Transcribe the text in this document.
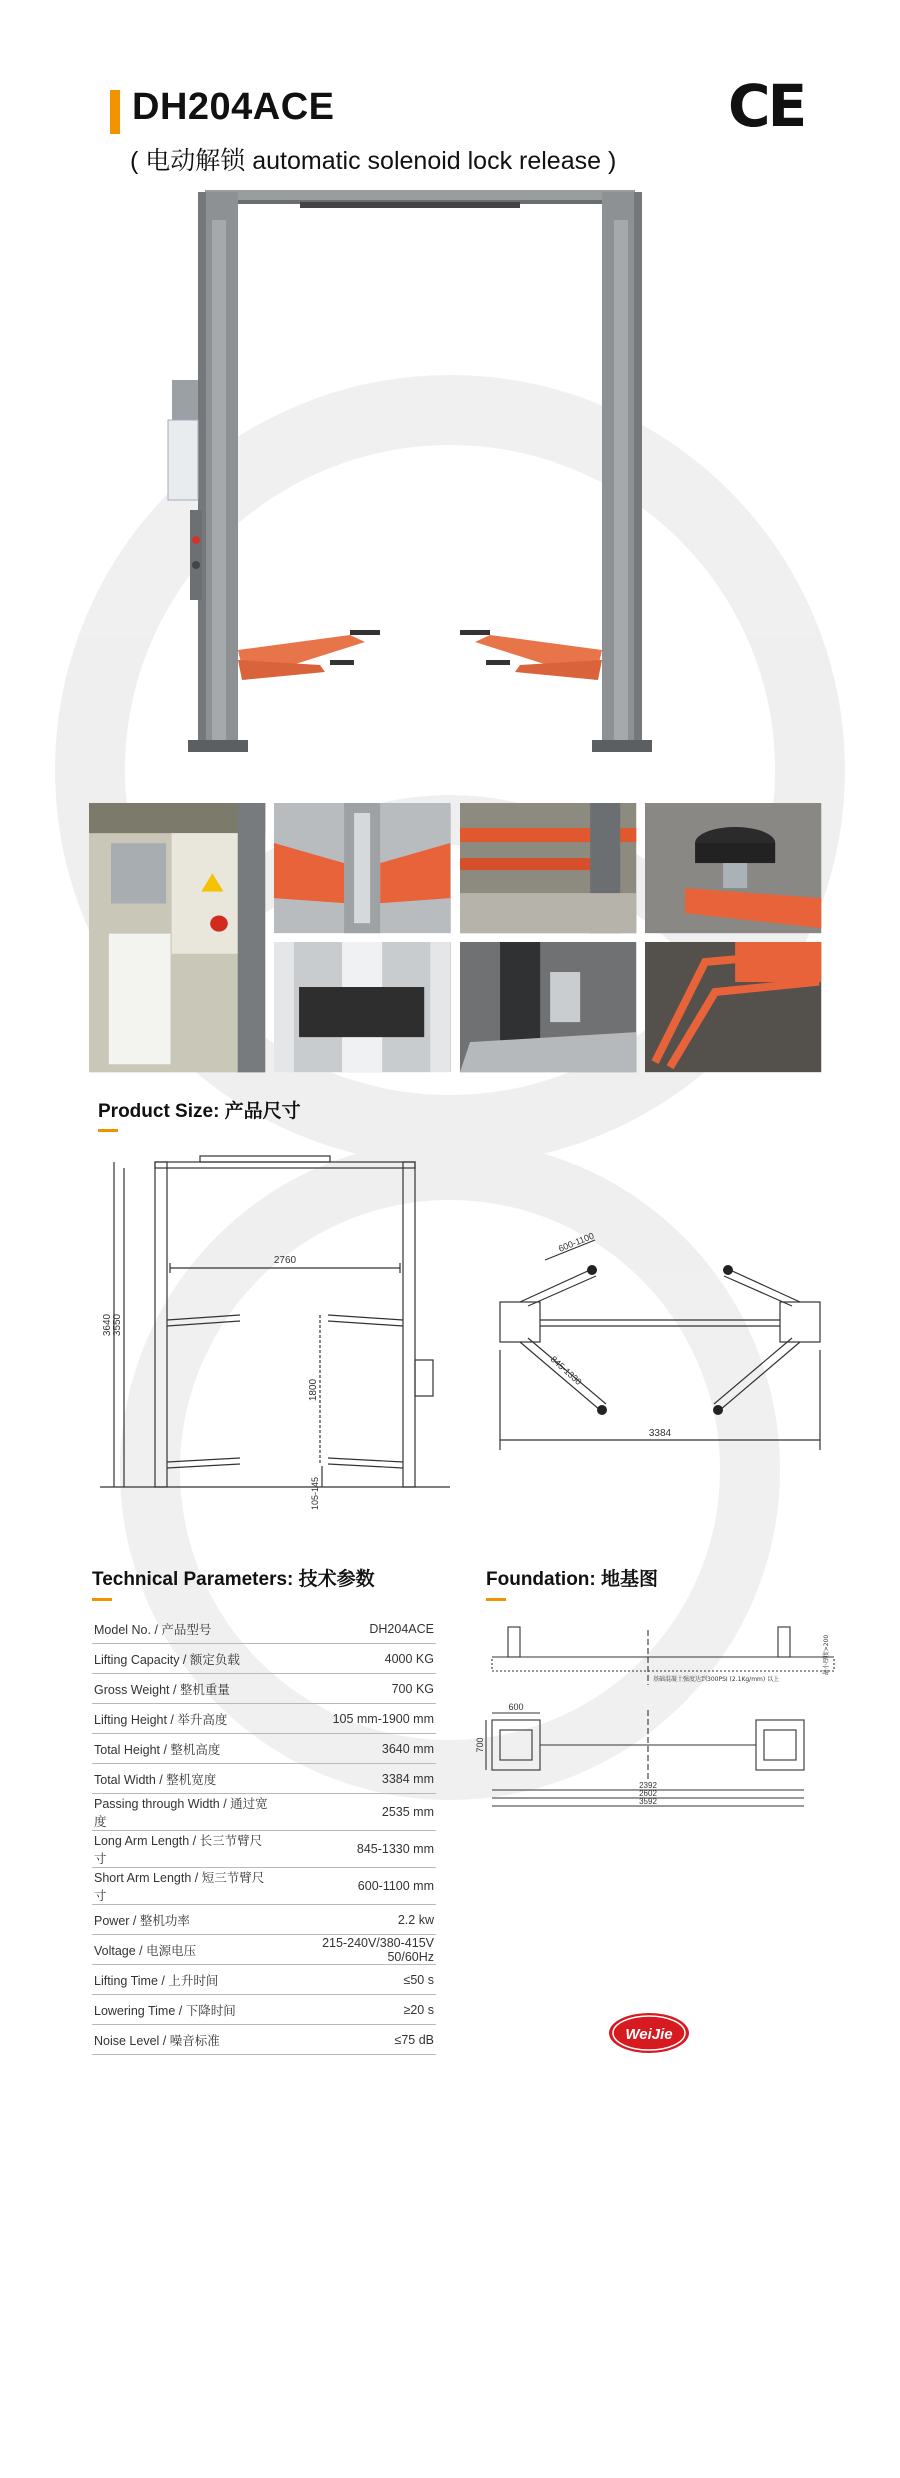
DH204ACE
( 电动解锁 automatic solenoid lock release )
CE
Product Size: 产品尺寸
2760
3640 3550
1800
105-145
3384
600-1100
845-1330
Technical Parameters: 技术参数
Model No. / 产品型号	DH204ACE
Lifting Capacity / 额定负载	4000 KG
Gross Weight / 整机重量	700 KG
Lifting Height / 举升高度	105 mm-1900 mm
Total Height / 整机高度	3640 mm
Total Width / 整机宽度	3384 mm
Passing through Width / 通过宽度	2535 mm
Long Arm Length / 长三节臂尺寸	845-1330 mm
Short Arm Length / 短三节臂尺寸	600-1100 mm
Power / 整机功率	2.2 kw
Voltage / 电源电压	215-240V/380-415V 50/60Hz
Lifting Time / 上升时间	≤50 s
Lowering Time / 下降时间	≥20 s
Noise Level / 噪音标准	≤75 dB
Foundation: 地基图
基础混凝土强度达到300PSI (2.1Kg/mm) 以上
最小厚度>200
600
700
2392
2602
3592
WeiJie
